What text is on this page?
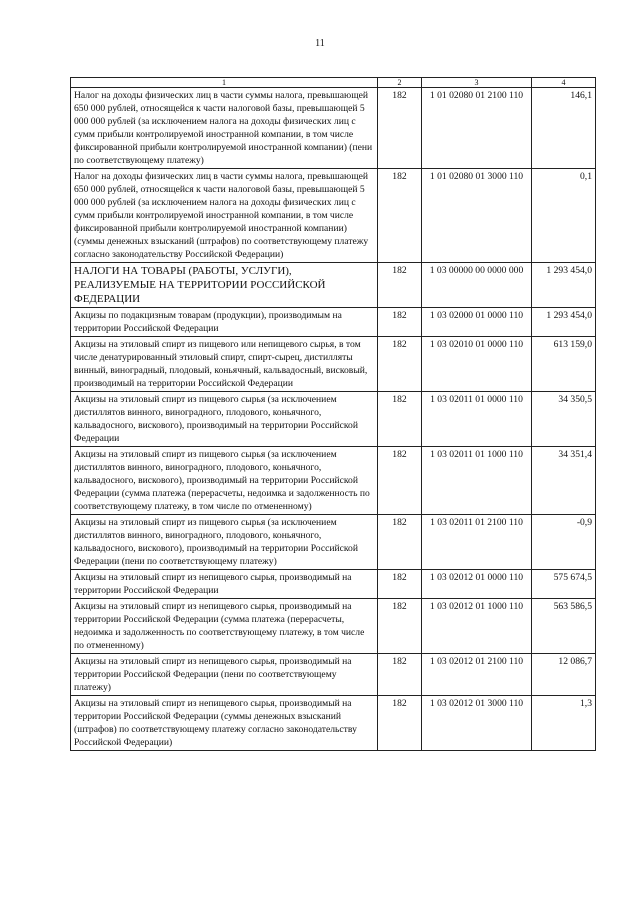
11
1	2	3	4
Налог на доходы физических лиц в части суммы налога, превышающей 650 000 рублей, относящейся к части налоговой базы, превышающей 5 000 000 рублей (за исключением налога на доходы физических лиц с сумм прибыли контролируемой иностранной компании, в том числе фиксированной прибыли контролируемой иностранной компании) (пени по соответствующему платежу)	182	1 01 02080 01 2100 110	146,1
Налог на доходы физических лиц в части суммы налога, превышающей 650 000 рублей, относящейся к части налоговой базы, превышающей 5 000 000 рублей (за исключением налога на доходы физических лиц с сумм прибыли контролируемой иностранной компании, в том числе фиксированной прибыли контролируемой иностранной компании) (суммы денежных взысканий (штрафов) по соответствующему платежу согласно законодательству Российской Федерации)	182	1 01 02080 01 3000 110	0,1
НАЛОГИ НА ТОВАРЫ (РАБОТЫ, УСЛУГИ), РЕАЛИЗУЕМЫЕ НА ТЕРРИТОРИИ РОССИЙСКОЙ ФЕДЕРАЦИИ	182	1 03 00000 00 0000 000	1 293 454,0
Акцизы по подакцизным товарам (продукции), производимым на территории Российской Федерации	182	1 03 02000 01 0000 110	1 293 454,0
Акцизы на этиловый спирт из пищевого или непищевого сырья, в том числе денатурированный этиловый спирт, спирт-сырец, дистилляты винный, виноградный, плодовый, коньячный, кальвадосный, висковый, производимый на территории Российской Федерации	182	1 03 02010 01 0000 110	613 159,0
Акцизы на этиловый спирт из пищевого сырья (за исключением дистиллятов винного, виноградного, плодового, коньячного, кальвадосного, вискового), производимый на территории Российской Федерации	182	1 03 02011 01 0000 110	34 350,5
Акцизы на этиловый спирт из пищевого сырья (за исключением дистиллятов винного, виноградного, плодового, коньячного, кальвадосного, вискового), производимый на территории Российской Федерации (сумма платежа (перерасчеты, недоимка и задолженность по соответствующему платежу, в том числе по отмененному)	182	1 03 02011 01 1000 110	34 351,4
Акцизы на этиловый спирт из пищевого сырья (за исключением дистиллятов винного, виноградного, плодового, коньячного, кальвадосного, вискового), производимый на территории Российской Федерации (пени по соответствующему платежу)	182	1 03 02011 01 2100 110	-0,9
Акцизы на этиловый спирт из непищевого сырья, производимый на территории Российской Федерации	182	1 03 02012 01 0000 110	575 674,5
Акцизы на этиловый спирт из непищевого сырья, производимый на территории Российской Федерации (сумма платежа (перерасчеты, недоимка и задолженность по соответствующему платежу, в том числе по отмененному)	182	1 03 02012 01 1000 110	563 586,5
Акцизы на этиловый спирт из непищевого сырья, производимый на территории Российской Федерации (пени по соответствующему платежу)	182	1 03 02012 01 2100 110	12 086,7
Акцизы на этиловый спирт из непищевого сырья, производимый на территории Российской Федерации (суммы денежных взысканий (штрафов) по соответствующему платежу согласно законодательству Российской Федерации)	182	1 03 02012 01 3000 110	1,3
